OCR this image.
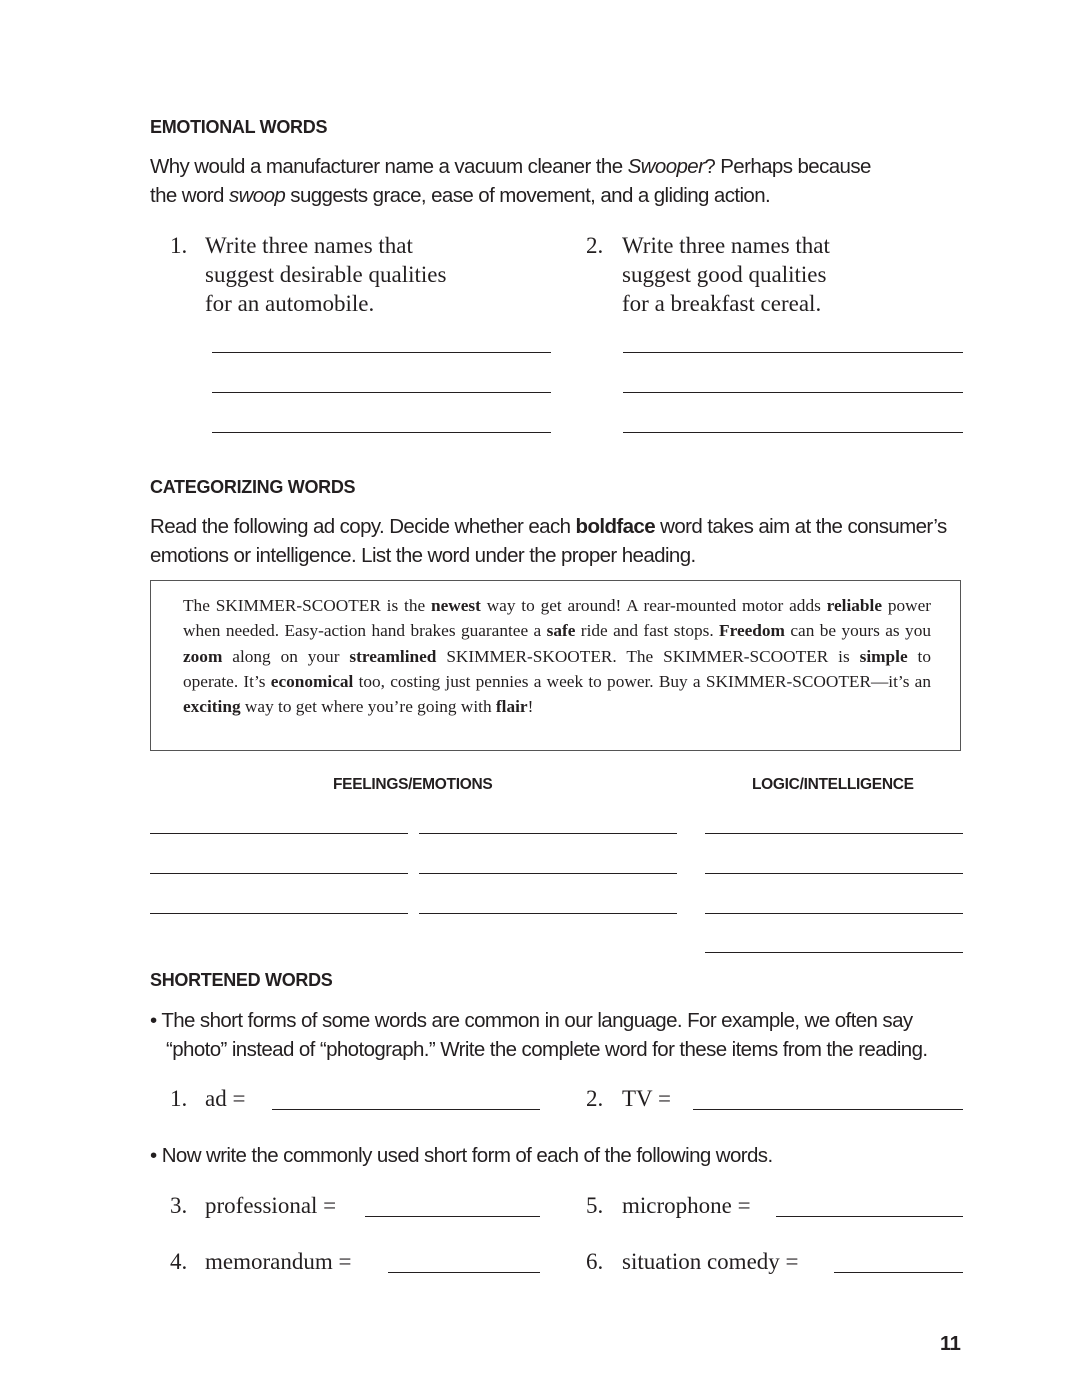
EMOTIONAL WORDS
Why would a manufacturer name a vacuum cleaner the Swooper? Perhaps because
the word swoop suggests grace, ease of movement, and a gliding action.
1. Write three names that
suggest desirable qualities
for an automobile.
2. Write three names that
suggest good qualities
for a breakfast cereal.
CATEGORIZING WORDS
Read the following ad copy. Decide whether each boldface word takes aim at the consumer’s
emotions or intelligence. List the word under the proper heading.
The SKIMMER-SCOOTER is the newest way to get around! A rear-mounted motor adds reliable power when needed. Easy-action hand brakes guarantee a safe ride and fast stops. Freedom can be yours as you zoom along on your streamlined SKIMMER-SKOOTER. The SKIMMER-SCOOTER is simple to operate. It’s economical too, costing just pennies a week to power. Buy a SKIMMER-SCOOTER—it’s an exciting way to get where you’re going with flair!
FEELINGS/EMOTIONS	LOGIC/INTELLIGENCE
SHORTENED WORDS
• The short forms of some words are common in our language. For example, we often say
“photo” instead of “photograph.” Write the complete word for these items from the reading.
1. ad =	2. TV =
• Now write the commonly used short form of each of the following words.
3. professional =	5. microphone =
4. memorandum =	6. situation comedy =
11
